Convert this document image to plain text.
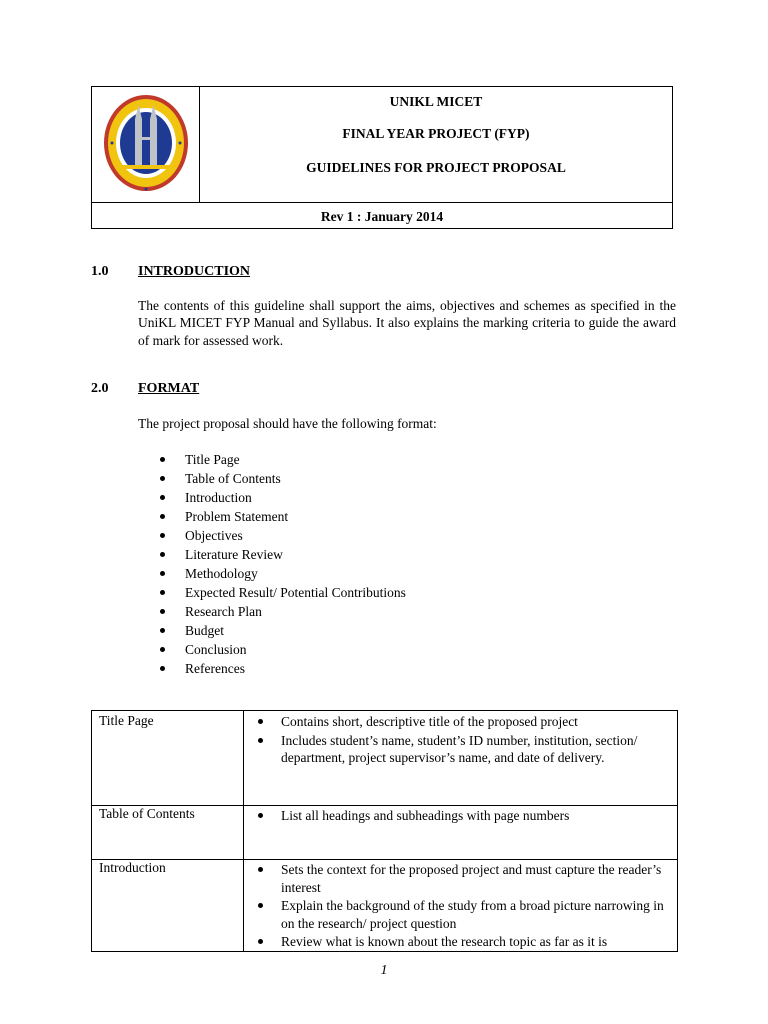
UNIKL MICET
FINAL YEAR PROJECT (FYP)
GUIDELINES FOR PROJECT PROPOSAL
Rev 1 : January 2014
1.0 INTRODUCTION
The contents of this guideline shall support the aims, objectives and schemes as specified in the UniKL MICET FYP Manual and Syllabus. It also explains the marking criteria to guide the award of mark for assessed work.
2.0 FORMAT
The project proposal should have the following format:
Title Page
Table of Contents
Introduction
Problem Statement
Objectives
Literature Review
Methodology
Expected Result/ Potential Contributions
Research Plan
Budget
Conclusion
References
Title Page	Contains short, descriptive title of the proposed project
Includes student’s name, student’s ID number, institution, section/ department, project supervisor’s name, and date of delivery.
Table of Contents	List all headings and subheadings with page numbers
Introduction	Sets the context for the proposed project and must capture the reader’s interest
Explain the background of the study from a broad picture narrowing in on the research/ project question
Review what is known about the research topic as far as it is
1
